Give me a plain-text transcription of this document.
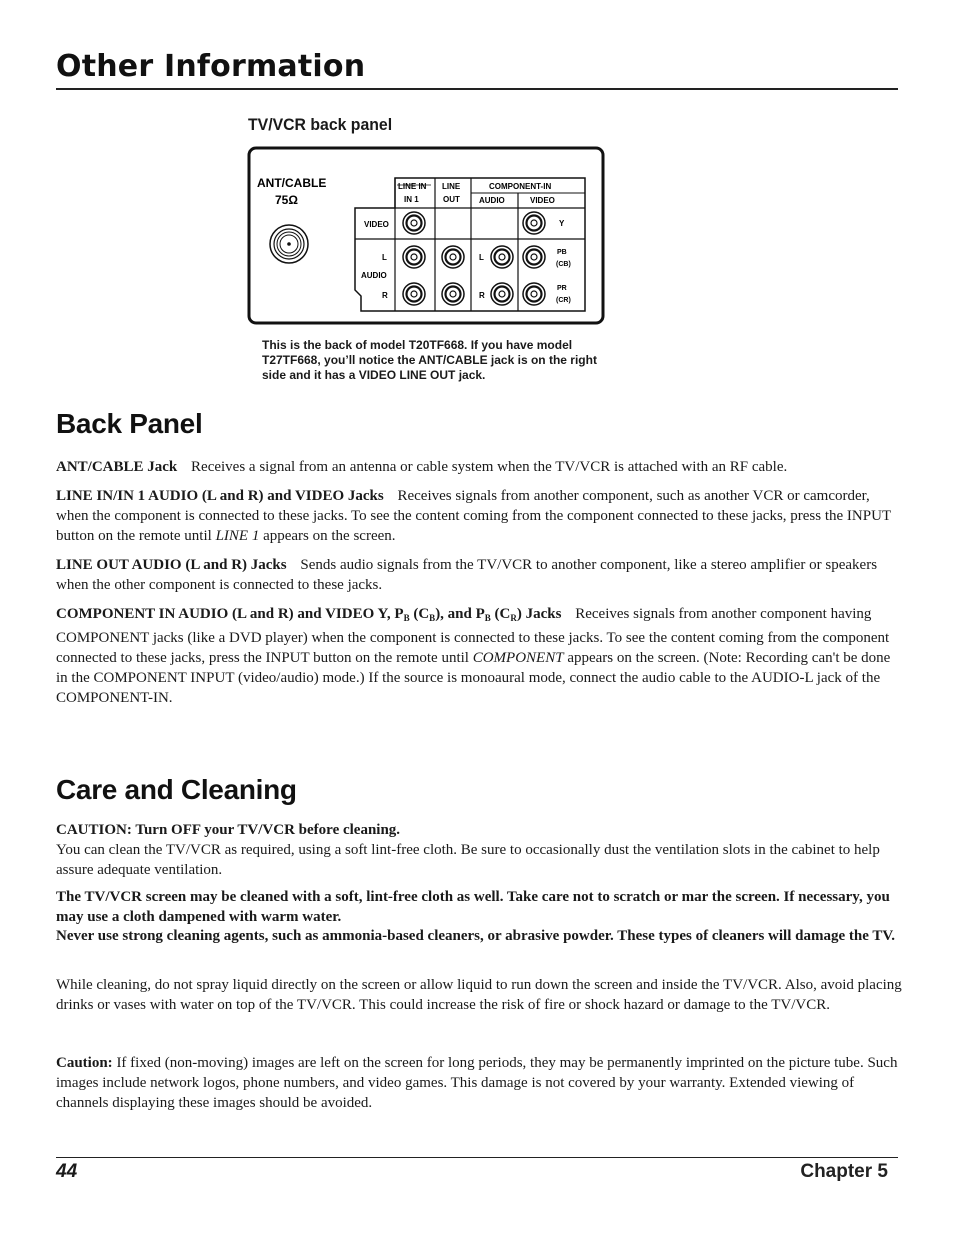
Other Information
TV/VCR back panel
ANT/CABLE
75Ω
LINE IN
IN 1
LINE
OUT
COMPONENT-IN
AUDIO	VIDEO
VIDEO
L
AUDIO
R
L
R
Y
PB
(CB)
PR
(CR)
This is the back of model T20TF668. If you have model T27TF668, you’ll notice the ANT/CABLE jack is on the right side and it has a VIDEO LINE OUT jack.
Back Panel

ANT/CABLE Jack Receives a signal from an antenna or cable system when the TV/VCR is attached with an RF cable.

LINE IN/IN 1 AUDIO (L and R) and VIDEO Jacks Receives signals from another component, such as another VCR or camcorder, when the component is connected to these jacks. To see the content coming from the component connected to these jacks, press the INPUT button on the remote until LINE 1 appears on the screen.

LINE OUT AUDIO (L and R) Jacks Sends audio signals from the TV/VCR to another component, like a stereo amplifier or speakers when the other component is connected to these jacks.

COMPONENT IN AUDIO (L and R) and VIDEO Y, $P_B$ $(C_B)$, and $P_B$ $(C_R)$ Jacks Receives signals from another component having COMPONENT jacks (like a DVD player) when the component is connected to these jacks. To see the content coming from the component connected to these jacks, press the INPUT button on the remote until COMPONENT appears on the screen. (Note: Recording can't be done in the COMPONENT INPUT (video/audio) mode.) If the source is monoaural mode, connect the audio cable to the AUDIO-L jack of the COMPONENT-IN.

Care and Cleaning

CAUTION: Turn OFF your TV/VCR before cleaning.
You can clean the TV/VCR as required, using a soft lint-free cloth. Be sure to occasionally dust the ventilation slots in the cabinet to help assure adequate ventilation.

The TV/VCR screen may be cleaned with a soft, lint-free cloth as well. Take care not to scratch or mar the screen. If necessary, you may use a cloth dampened with warm water.
Never use strong cleaning agents, such as ammonia-based cleaners, or abrasive powder. These types of cleaners will damage the TV.

While cleaning, do not spray liquid directly on the screen or allow liquid to run down the screen and inside the TV/VCR. Also, avoid placing drinks or vases with water on top of the TV/VCR. This could increase the risk of fire or shock hazard or damage to the TV/VCR.

Caution: If fixed (non-moving) images are left on the screen for long periods, they may be permanently imprinted on the picture tube. Such images include network logos, phone numbers, and video games. This damage is not covered by your warranty. Extended viewing of channels displaying these images should be avoided.

44	Chapter 5
